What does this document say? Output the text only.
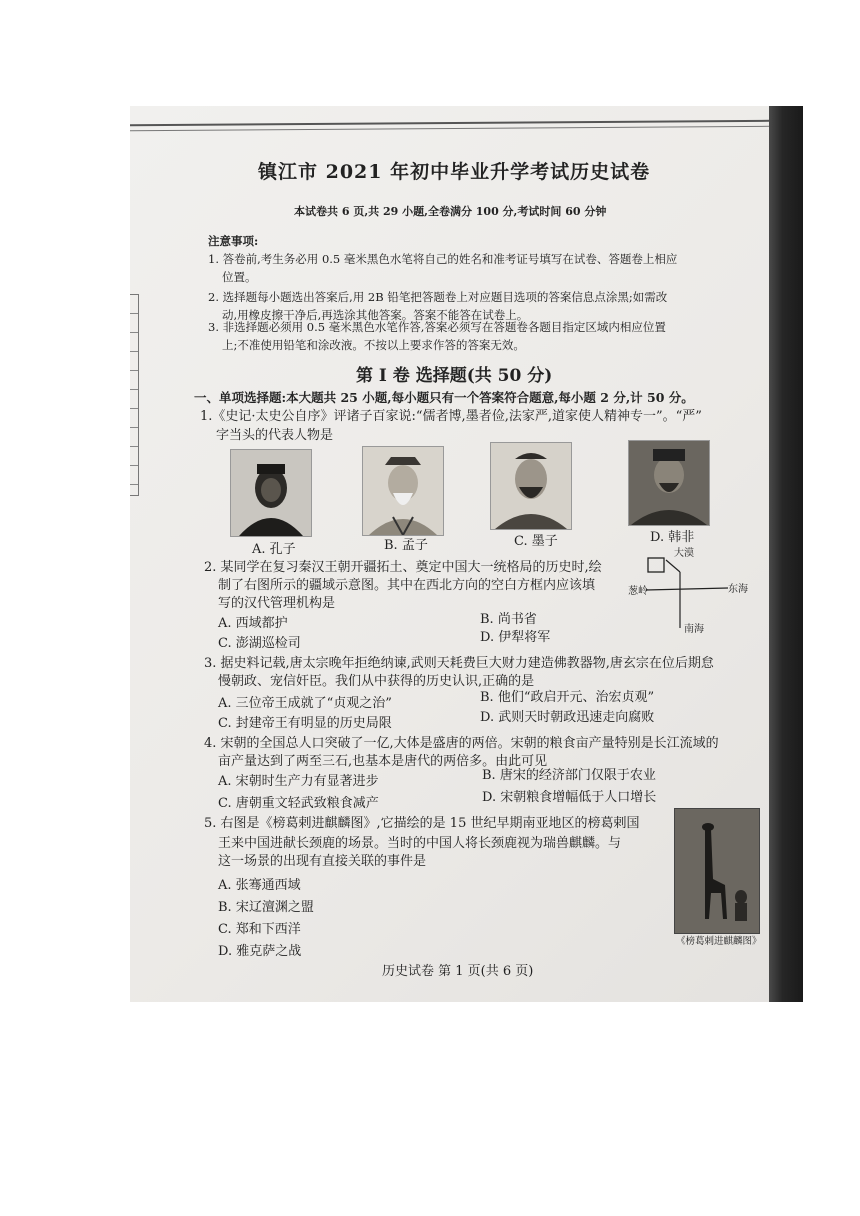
镇江市 2021 年初中毕业升学考试历史试卷
本试卷共 6 页,共 29 小题,全卷满分 100 分,考试时间 60 分钟
注意事项:
1. 答卷前,考生务必用 0.5 毫米黑色水笔将自己的姓名和准考证号填写在试卷、答题卷上相应
位置。
2. 选择题每小题选出答案后,用 2B 铅笔把答题卷上对应题目选项的答案信息点涂黑;如需改
动,用橡皮擦干净后,再选涂其他答案。答案不能答在试卷上。
3. 非选择题必须用 0.5 毫米黑色水笔作答,答案必须写在答题卷各题目指定区域内相应位置
上;不准使用铅笔和涂改液。不按以上要求作答的答案无效。
第 I 卷 选择题(共 50 分)
一、单项选择题:本大题共 25 小题,每小题只有一个答案符合题意,每小题 2 分,计 50 分。
1.《史记·太史公自序》评诸子百家说:“儒者博,墨者俭,法家严,道家使人精神专一”。“严”
字当头的代表人物是
A. 孔子	B. 孟子	C. 墨子	D. 韩非
2. 某同学在复习秦汉王朝开疆拓土、奠定中国大一统格局的历史时,绘
制了右图所示的疆域示意图。其中在西北方向的空白方框内应该填
写的汉代管理机构是
A. 西域都护	B. 尚书省
C. 澎湖巡检司	D. 伊犁将军
大漠
葱岭	东海
南海
3. 据史料记载,唐太宗晚年拒绝纳谏,武则天耗费巨大财力建造佛教器物,唐玄宗在位后期怠
慢朝政、宠信奸臣。我们从中获得的历史认识,正确的是
A. 三位帝王成就了“贞观之治”	B. 他们“政启开元、治宏贞观”
C. 封建帝王有明显的历史局限	D. 武则天时朝政迅速走向腐败
4. 宋朝的全国总人口突破了一亿,大体是盛唐的两倍。宋朝的粮食亩产量特别是长江流域的
亩产量达到了两至三石,也基本是唐代的两倍多。由此可见
A. 宋朝时生产力有显著进步	B. 唐宋的经济部门仅限于农业
C. 唐朝重文轻武致粮食减产	D. 宋朝粮食增幅低于人口增长
5. 右图是《榜葛剌进麒麟图》,它描绘的是 15 世纪早期南亚地区的榜葛剌国
王来中国进献长颈鹿的场景。当时的中国人将长颈鹿视为瑞兽麒麟。与
这一场景的出现有直接关联的事件是
A. 张骞通西域
B. 宋辽澶渊之盟
C. 郑和下西洋
D. 雅克萨之战
《榜葛剌进麒麟图》
历史试卷 第 1 页(共 6 页)
